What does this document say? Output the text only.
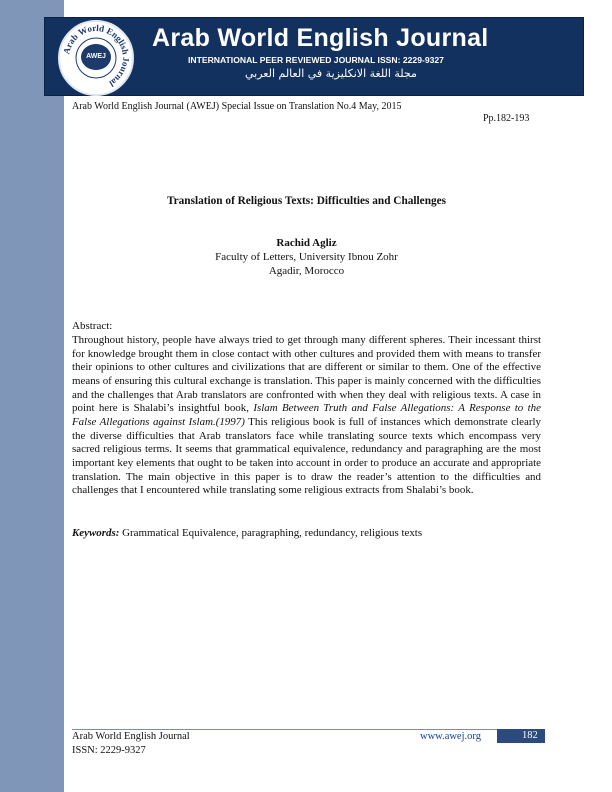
Arab World English Journal
AWEJ
Arab World English Journal
INTERNATIONAL PEER REVIEWED JOURNAL ISSN: 2229-9327
مجلة اللغة الانكليزية في العالم العربي
Arab World English Journal (AWEJ) Special Issue on Translation No.4 May, 2015
Pp.182-193
Translation of Religious Texts: Difficulties and Challenges
Rachid Agliz
Faculty of Letters, University Ibnou Zohr
Agadir, Morocco
Abstract:

Throughout history, people have always tried to get through many different spheres. Their incessant thirst for knowledge brought them in close contact with other cultures and provided them with means to transfer their opinions to other cultures and civilizations that are different or similar to them. One of the effective means of ensuring this cultural exchange is translation. This paper is mainly concerned with the difficulties and the challenges that Arab translators are confronted with when they deal with religious texts. A case in point here is Shalabi’s insightful book, Islam Between Truth and False Allegations: A Response to the False Allegations against Islam.(1997) This religious book is full of instances which demonstrate clearly the diverse difficulties that Arab translators face while translating source texts which encompass very sacred religious terms. It seems that grammatical equivalence, redundancy and paragraphing are the most important key elements that ought to be taken into account in order to produce an accurate and appropriate translation. The main objective in this paper is to draw the reader’s attention to the difficulties and challenges that I encountered while translating some religious extracts from Shalabi’s book.

Keywords: Grammatical Equivalence, paragraphing, redundancy, religious texts
Arab World English Journal
ISSN: 2229-9327
www.awej.org	182
